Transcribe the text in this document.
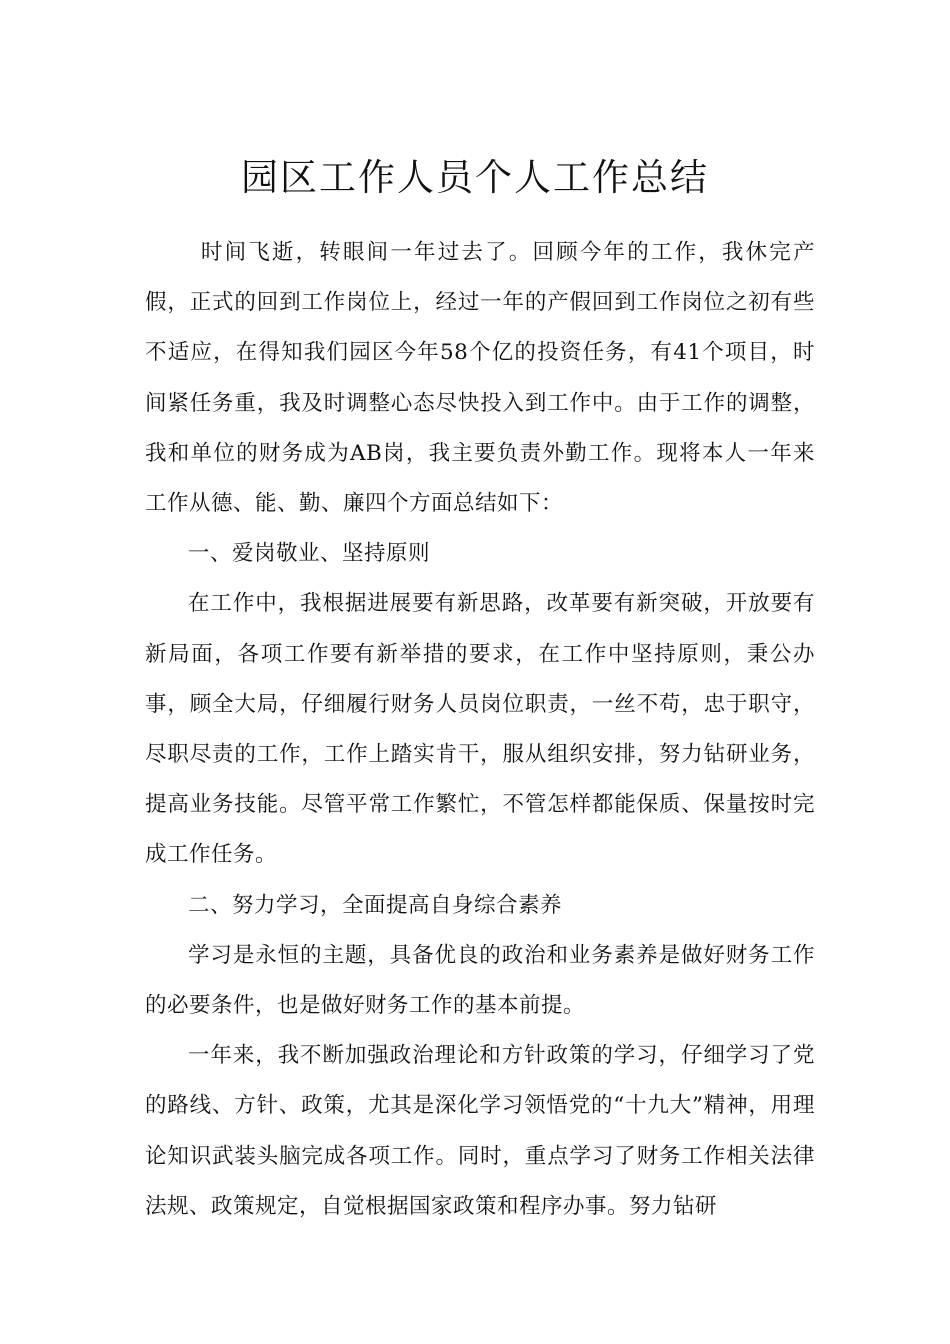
园区工作人员个人工作总结

时间飞逝，转眼间一年过去了。回顾今年的工作，我休完产假，正式的回到工作岗位上，经过一年的产假回到工作岗位之初有些不适应，在得知我们园区今年58个亿的投资任务，有41个项目，时间紧任务重，我及时调整心态尽快投入到工作中。由于工作的调整，我和单位的财务成为AB岗，我主要负责外勤工作。现将本人一年来工作从德、能、勤、廉四个方面总结如下：

一、爱岗敬业、坚持原则

在工作中，我根据进展要有新思路，改革要有新突破，开放要有新局面，各项工作要有新举措的要求，在工作中坚持原则，秉公办事，顾全大局，仔细履行财务人员岗位职责，一丝不苟，忠于职守，尽职尽责的工作，工作上踏实肯干，服从组织安排，努力钻研业务，提高业务技能。尽管平常工作繁忙，不管怎样都能保质、保量按时完成工作任务。

二、努力学习，全面提高自身综合素养

学习是永恒的主题，具备优良的政治和业务素养是做好财务工作的必要条件，也是做好财务工作的基本前提。

一年来，我不断加强政治理论和方针政策的学习，仔细学习了党的路线、方针、政策，尤其是深化学习领悟党的“十九大”精神，用理论知识武装头脑完成各项工作。同时，重点学习了财务工作相关法律法规、政策规定，自觉根据国家政策和程序办事。努力钻研
